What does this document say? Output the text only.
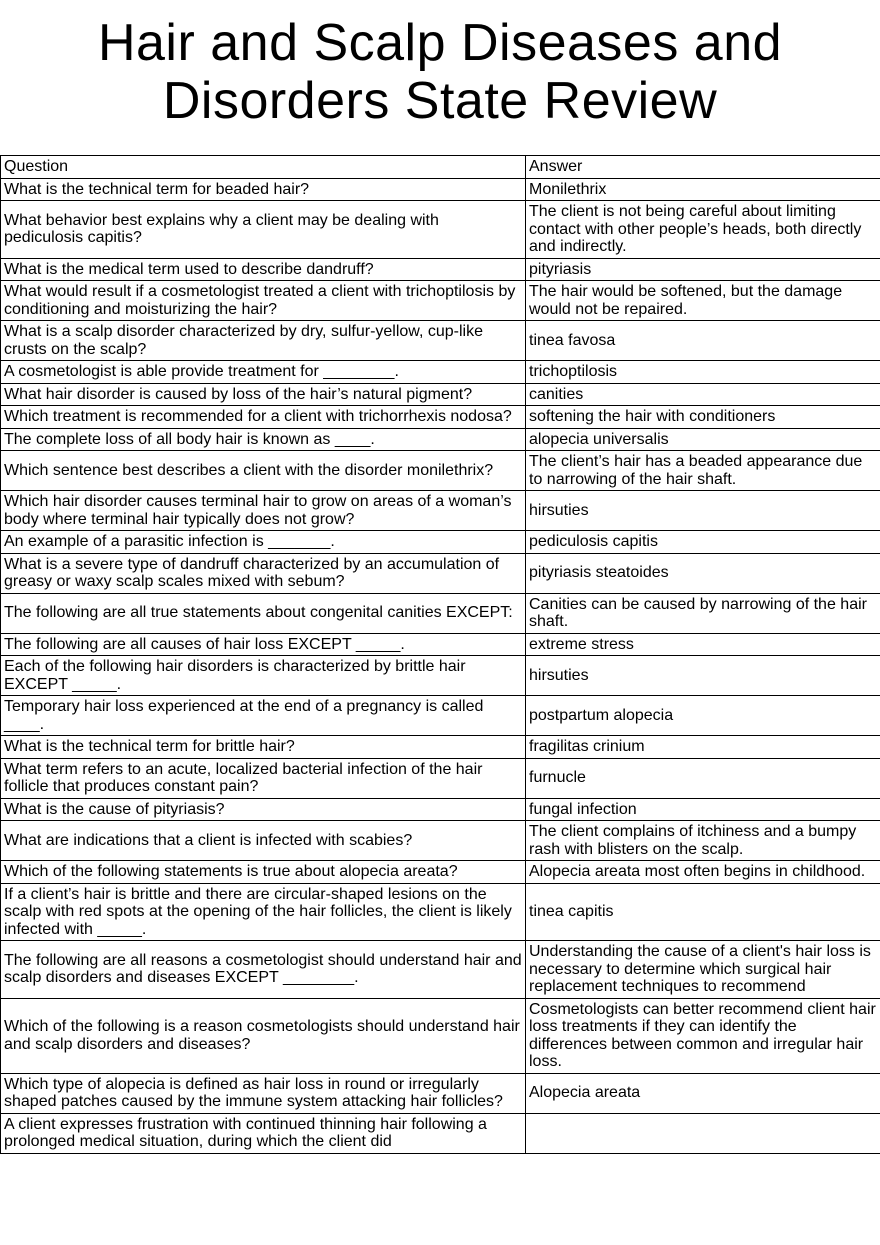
Hair and Scalp Diseases and
Disorders State Review
Question	Answer
What is the technical term for beaded hair?	Monilethrix
What behavior best explains why a client may be dealing with pediculosis capitis?	The client is not being careful about limiting contact with other people’s heads, both directly and indirectly.
What is the medical term used to describe dandruff?	pityriasis
What would result if a cosmetologist treated a client with trichoptilosis by conditioning and moisturizing the hair?	The hair would be softened, but the damage would not be repaired.
What is a scalp disorder characterized by dry, sulfur-yellow, cup-like crusts on the scalp?	tinea favosa
A cosmetologist is able provide treatment for ________.	trichoptilosis
What hair disorder is caused by loss of the hair’s natural pigment?	canities
Which treatment is recommended for a client with trichorrhexis nodosa?	softening the hair with conditioners
The complete loss of all body hair is known as ____.	alopecia universalis
Which sentence best describes a client with the disorder monilethrix?	The client’s hair has a beaded appearance due to narrowing of the hair shaft.
Which hair disorder causes terminal hair to grow on areas of a woman’s body where terminal hair typically does not grow?	hirsuties
An example of a parasitic infection is _______.	pediculosis capitis
What is a severe type of dandruff characterized by an accumulation of greasy or waxy scalp scales mixed with sebum?	pityriasis steatoides
The following are all true statements about congenital canities EXCEPT:	Canities can be caused by narrowing of the hair shaft.
The following are all causes of hair loss EXCEPT _____.	extreme stress
Each of the following hair disorders is characterized by brittle hair EXCEPT _____.	hirsuties
Temporary hair loss experienced at the end of a pregnancy is called ____.	postpartum alopecia
What is the technical term for brittle hair?	fragilitas crinium
What term refers to an acute, localized bacterial infection of the hair follicle that produces constant pain?	furnucle
What is the cause of pityriasis?	fungal infection
What are indications that a client is infected with scabies?	The client complains of itchiness and a bumpy rash with blisters on the scalp.
Which of the following statements is true about alopecia areata?	Alopecia areata most often begins in childhood.
If a client’s hair is brittle and there are circular-shaped lesions on the scalp with red spots at the opening of the hair follicles, the client is likely infected with _____.	tinea capitis
The following are all reasons a cosmetologist should understand hair and scalp disorders and diseases EXCEPT ________.	Understanding the cause of a client's hair loss is necessary to determine which surgical hair replacement techniques to recommend
Which of the following is a reason cosmetologists should understand hair and scalp disorders and diseases?	Cosmetologists can better recommend client hair loss treatments if they can identify the differences between common and irregular hair loss.
Which type of alopecia is defined as hair loss in round or irregularly shaped patches caused by the immune system attacking hair follicles?	Alopecia areata
A client expresses frustration with continued thinning hair following a prolonged medical situation, during which the client did	
